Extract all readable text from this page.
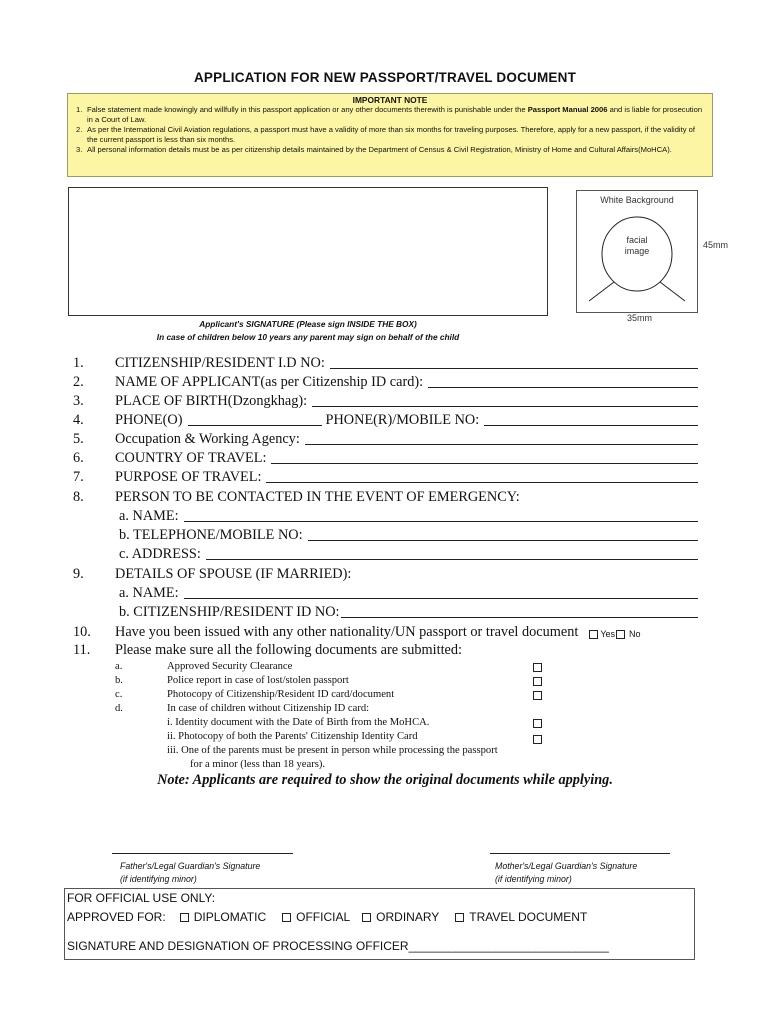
APPLICATION FOR NEW PASSPORT/TRAVEL DOCUMENT
IMPORTANT NOTE
1. False statement made knowingly and willfully in this passport application or any other documents therewith is punishable under the Passport Manual 2006 and is liable for prosecution in a Court of Law.
2. As per the International Civil Aviation regulations, a passport must have a validity of more than six months for traveling purposes. Therefore, apply for a new passport, if the validity of the current passport is less than six months.
3. All personal information details must be as per citizenship details maintained by the Department of Census & Civil Registration, Ministry of Home and Cultural Affairs(MoHCA).
Applicant's SIGNATURE (Please sign INSIDE THE BOX)
In case of children below 10 years any parent may sign on behalf of the child
White Background
facial
image
45mm
35mm
1.	CITIZENSHIP/RESIDENT I.D NO:
2.	NAME OF APPLICANT(as per Citizenship ID card):
3.	PLACE OF BIRTH(Dzongkhag):
4.	PHONE(O)	PHONE(R)/MOBILE NO:
5.	Occupation & Working Agency:
6.	COUNTRY OF TRAVEL:
7.	PURPOSE OF TRAVEL:
8.	PERSON TO BE CONTACTED IN THE EVENT OF EMERGENCY:
a. NAME:
b. TELEPHONE/MOBILE NO:
c. ADDRESS:
9.	DETAILS OF SPOUSE (IF MARRIED):
a. NAME:
b. CITIZENSHIP/RESIDENT ID NO:
10.	Have you been issued with any other nationality/UN passport or travel document Yes No
11.	Please make sure all the following documents are submitted:
a.	Approved Security Clearance
b.	Police report in case of lost/stolen passport
c.	Photocopy of Citizenship/Resident ID card/document
d.	In case of children without Citizenship ID card:
i. Identity document with the Date of Birth from the MoHCA.
ii. Photocopy of both the Parents' Citizenship Identity Card
iii. One of the parents must be present in person while processing the passport
for a minor (less than 18 years).
Note: Applicants are required to show the original documents while applying.
Father's/Legal Guardian's Signature
(if identifying minor)
Mother's/Legal Guardian's Signature
(if identifying minor)
FOR OFFICIAL USE ONLY:
APPROVED FOR: DIPLOMATIC	OFFICIAL ORDINARY	TRAVEL DOCUMENT
SIGNATURE AND DESIGNATION OF PROCESSING OFFICER______________________________
